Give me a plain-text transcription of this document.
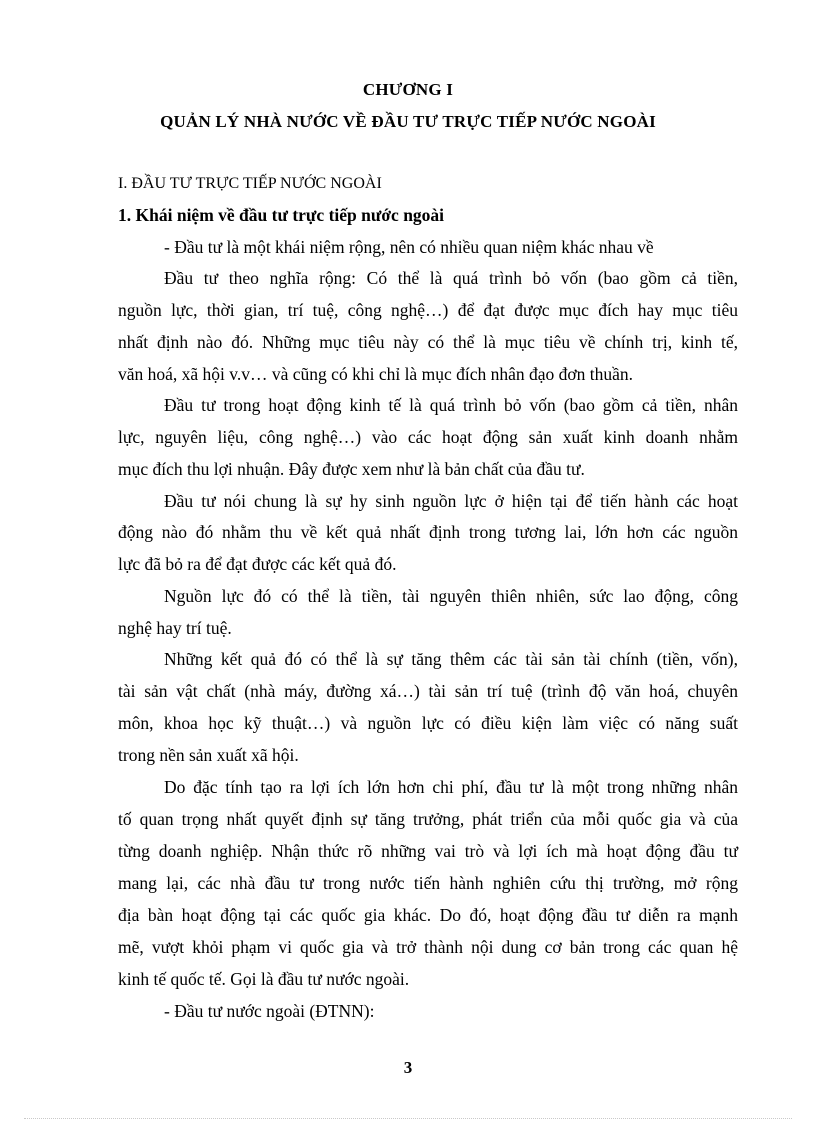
CHƯƠNG I
QUẢN LÝ NHÀ NƯỚC VỀ ĐẦU TƯ TRỰC TIẾP NƯỚC NGOÀI
I. ĐẦU TƯ TRỰC TIẾP NƯỚC NGOÀI
1. Khái niệm về đầu tư trực tiếp nước ngoài
- Đầu tư là một khái niệm rộng, nên có nhiều quan niệm khác nhau về
Đầu tư theo nghĩa rộng: Có thể là quá trình bỏ vốn (bao gồm cả tiền,
nguồn lực, thời gian, trí tuệ, công nghệ…) để đạt được mục đích hay mục tiêu
nhất định nào đó. Những mục tiêu này có thể là mục tiêu về chính trị, kinh tế,
văn hoá, xã hội v.v… và cũng có khi chỉ là mục đích nhân đạo đơn thuần.
Đầu tư trong hoạt động kinh tế là quá trình bỏ vốn (bao gồm cả tiền, nhân
lực, nguyên liệu, công nghệ…) vào các hoạt động sản xuất kinh doanh nhằm
mục đích thu lợi nhuận. Đây được xem như là bản chất của đầu tư.
Đầu tư nói chung là sự hy sinh nguồn lực ở hiện tại để tiến hành các hoạt
động nào đó nhằm thu về kết quả nhất định trong tương lai, lớn hơn các nguồn
lực đã bỏ ra để đạt được các kết quả đó.
Nguồn lực đó có thể là tiền, tài nguyên thiên nhiên, sức lao động, công
nghệ hay trí tuệ.
Những kết quả đó có thể là sự tăng thêm các tài sản tài chính (tiền, vốn),
tài sản vật chất (nhà máy, đường xá…) tài sản trí tuệ (trình độ văn hoá, chuyên
môn, khoa học kỹ thuật…) và nguồn lực có điều kiện làm việc có năng suất
trong nền sản xuất xã hội.
Do đặc tính tạo ra lợi ích lớn hơn chi phí, đầu tư là một trong những nhân
tố quan trọng nhất quyết định sự tăng trưởng, phát triển của mỗi quốc gia và của
từng doanh nghiệp. Nhận thức rõ những vai trò và lợi ích mà hoạt động đầu tư
mang lại, các nhà đầu tư trong nước tiến hành nghiên cứu thị trường, mở rộng
địa bàn hoạt động tại các quốc gia khác. Do đó, hoạt động đầu tư diễn ra mạnh
mẽ, vượt khỏi phạm vi quốc gia và trở thành nội dung cơ bản trong các quan hệ
kinh tế quốc tế. Gọi là đầu tư nước ngoài.
- Đầu tư nước ngoài (ĐTNN):
3
